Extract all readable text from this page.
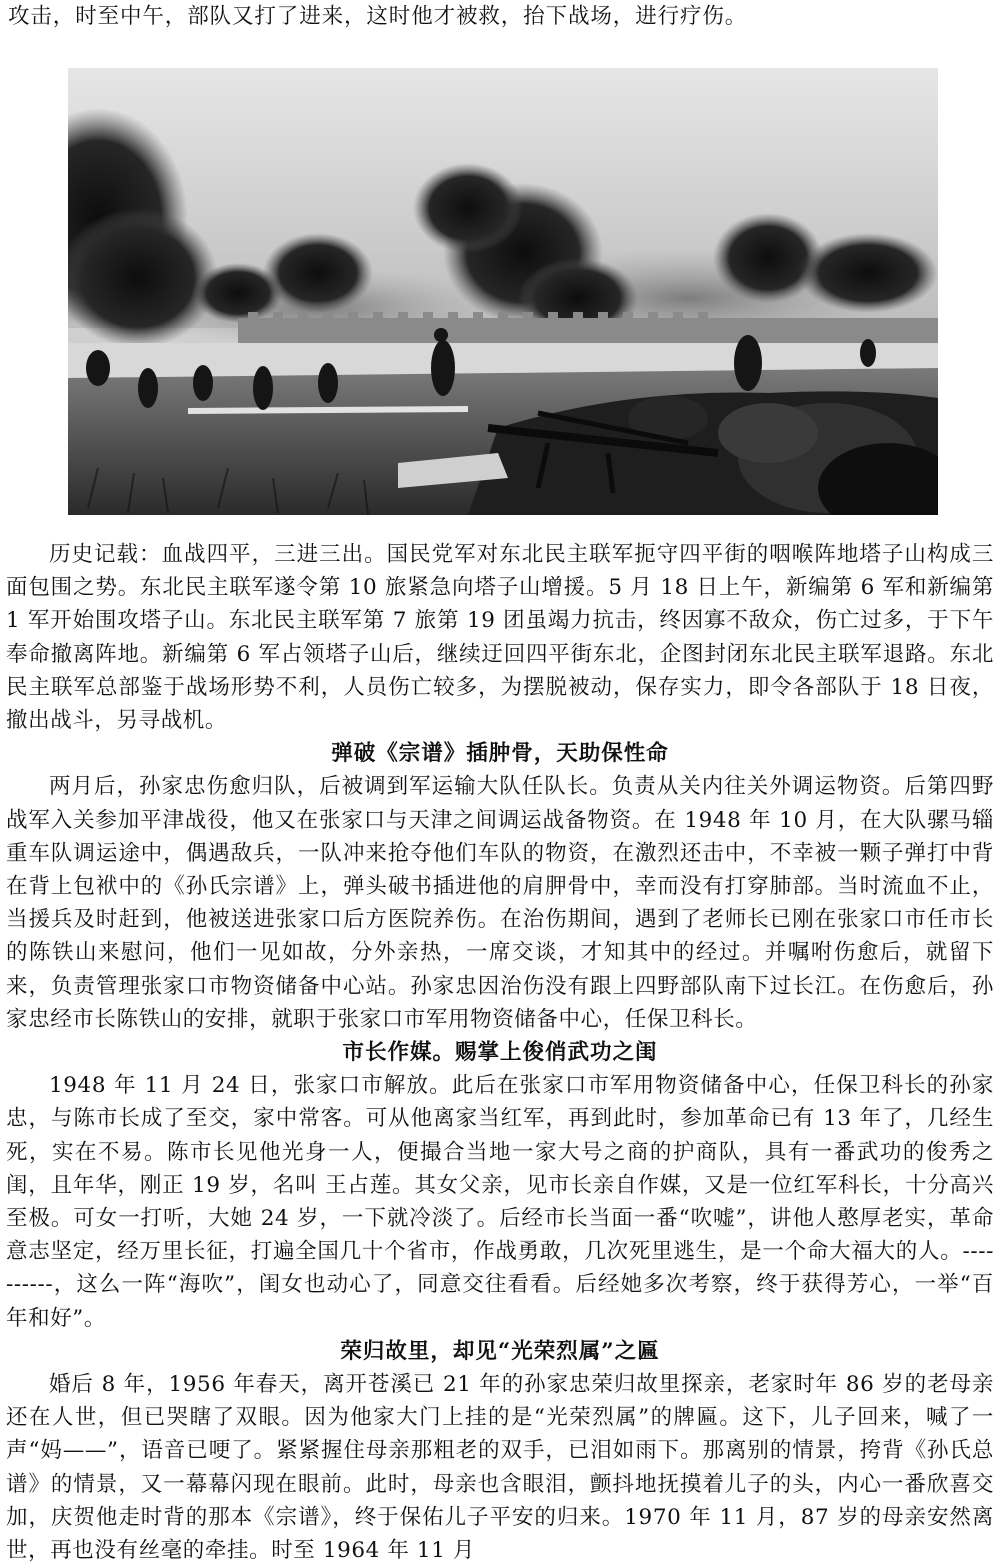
攻击，时至中午，部队又打了进来，这时他才被救，抬下战场，进行疗伤。

历史记载：血战四平，三进三出。国民党军对东北民主联军扼守四平街的咽喉阵地塔子山构成三面包围之势。东北民主联军遂令第 10 旅紧急向塔子山增援。5 月 18 日上午，新编第 6 军和新编第 1 军开始围攻塔子山。东北民主联军第 7 旅第 19 团虽竭力抗击，终因寡不敌众，伤亡过多，于下午奉命撤离阵地。新编第 6 军占领塔子山后，继续迂回四平街东北，企图封闭东北民主联军退路。东北民主联军总部鉴于战场形势不利，人员伤亡较多，为摆脱被动，保存实力，即令各部队于 18 日夜，撤出战斗，另寻战机。

弹破《宗谱》插肿骨，天助保性命

两月后，孙家忠伤愈归队，后被调到军运输大队任队长。负责从关内往关外调运物资。后第四野战军入关参加平津战役，他又在张家口与天津之间调运战备物资。在 1948 年 10 月，在大队骡马辎重车队调运途中，偶遇敌兵，一队冲来抢夺他们车队的物资，在激烈还击中，不幸被一颗子弹打中背在背上包袱中的《孙氏宗谱》上，弹头破书插进他的肩胛骨中，幸而没有打穿肺部。当时流血不止，当援兵及时赶到，他被送进张家口后方医院养伤。在治伤期间，遇到了老师长已刚在张家口市任市长的陈铁山来慰问，他们一见如故，分外亲热，一席交谈，才知其中的经过。并嘱咐伤愈后，就留下来，负责管理张家口市物资储备中心站。孙家忠因治伤没有跟上四野部队南下过长江。在伤愈后，孙家忠经市长陈铁山的安排，就职于张家口市军用物资储备中心，任保卫科长。

市长作媒。赐掌上俊俏武功之闺

1948 年 11 月 24 日，张家口市解放。此后在张家口市军用物资储备中心，任保卫科长的孙家忠，与陈市长成了至交，家中常客。可从他离家当红军，再到此时，参加革命已有 13 年了，几经生死，实在不易。陈市长见他光身一人，便撮合当地一家大号之商的护商队，具有一番武功的俊秀之闺，且年华，刚正 19 岁，名叫 王占莲。其女父亲，见市长亲自作媒，又是一位红军科长，十分高兴至极。可女一打听，大她 24 岁，一下就冷淡了。后经市长当面一番“吹嘘”，讲他人憨厚老实，革命意志坚定，经万里长征，打遍全国几十个省市，作战勇敢，几次死里逃生，是一个命大福大的人。----------，这么一阵“海吹”，闺女也动心了，同意交往看看。后经她多次考察，终于获得芳心，一举“百年和好”。

荣归故里，却见“光荣烈属”之匾

婚后 8 年，1956 年春天，离开苍溪已 21 年的孙家忠荣归故里探亲，老家时年 86 岁的老母亲还在人世，但已哭瞎了双眼。因为他家大门上挂的是“光荣烈属”的牌匾。这下，儿子回来，喊了一声“妈——”，语音已哽了。紧紧握住母亲那粗老的双手，已泪如雨下。那离别的情景，挎背《孙氏总谱》的情景，又一幕幕闪现在眼前。此时，母亲也含眼泪，颤抖地抚摸着儿子的头，内心一番欣喜交加，庆贺他走时背的那本《宗谱》，终于保佑儿子平安的归来。1970 年 11 月，87 岁的母亲安然离世，再也没有丝毫的牵挂。时至 1964 年 11 月
